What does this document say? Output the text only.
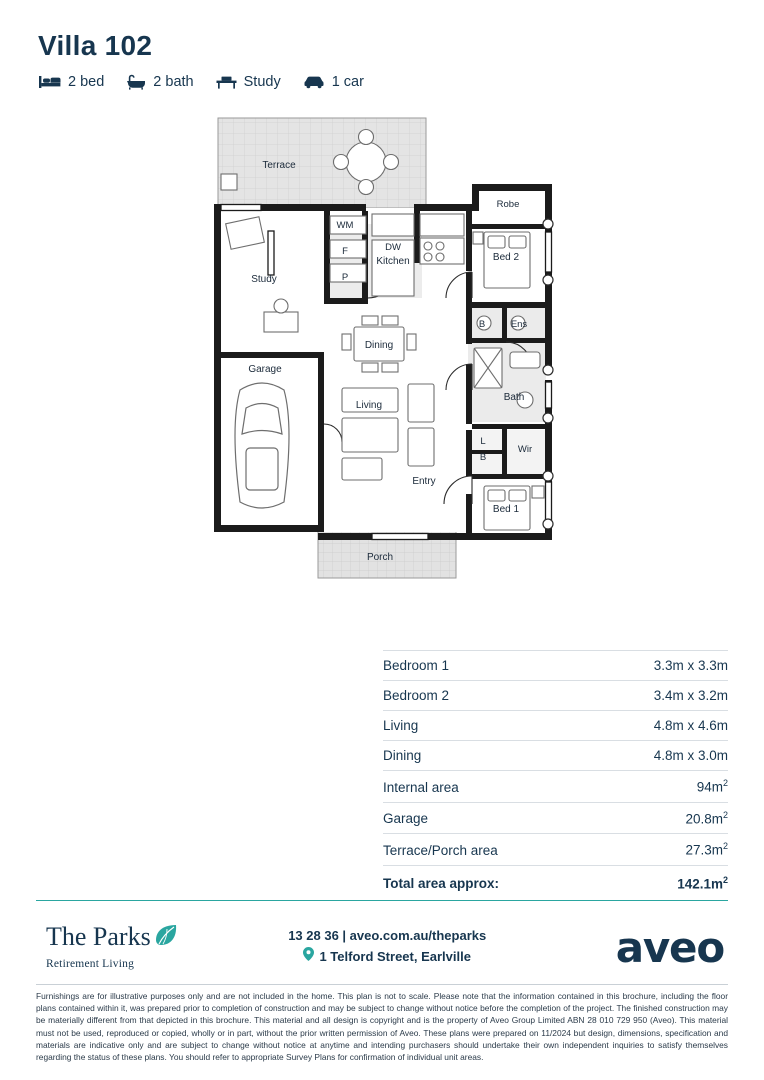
Villa 102
2 bed	2 bath	Study	1 car
Terrace
Study
Kitchen
DW
WM
F
P
Robe
Bed 2
Ens
B
Bath
L
B
Wir
Bed 1
Garage
Dining
Living
Entry
Porch
Bedroom 1	3.3m x 3.3m
Bedroom 2	3.4m x 3.2m
Living	4.8m x 4.6m
Dining	4.8m x 3.0m
Internal area	$94m^2$
Garage	$20.8m^2$
Terrace/Porch area	$27.3m^2$
Total area approx:	$142.1m^2$
The Parks
Retirement Living
13 28 36 | aveo.com.au/theparks
1 Telford Street, Earlville	aveo
Furnishings are for illustrative purposes only and are not included in the home. This plan is not to scale. Please note that the information contained in this brochure, including the floor plans contained within it, was prepared prior to completion of construction and may be subject to change without notice before the completion of the project. The finished construction may be materially different from that depicted in this brochure. This material and all design is copyright and is the property of Aveo Group Limited ABN 28 010 729 950 (Aveo). This material must not be used, reproduced or copied, wholly or in part, without the prior written permission of Aveo. These plans were prepared on 11/2024 but design, dimensions, specification and materials are indicative only and are subject to change without notice at anytime and intending purchasers should undertake their own independent inquiries to satisfy themselves regarding the status of these plans. You should refer to appropriate Survey Plans for confirmation of individual unit areas.
